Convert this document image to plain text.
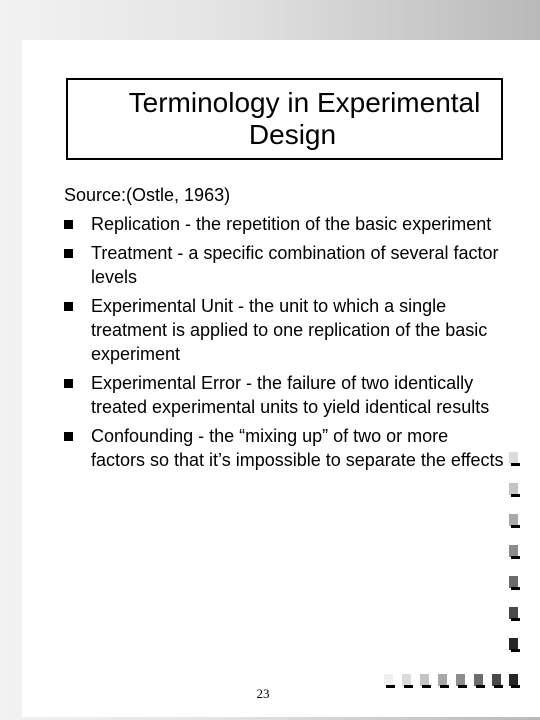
Terminology in Experimental
Design
Source:(Ostle, 1963)
Replication - the repetition of the basic experiment
Treatment - a specific combination of several factor levels
Experimental Unit - the unit to which a single treatment is applied to one replication of the basic experiment
Experimental Error - the failure of two identically treated experimental units to yield identical results
Confounding - the “mixing up” of two or more factors so that it’s impossible to separate the effects
23
